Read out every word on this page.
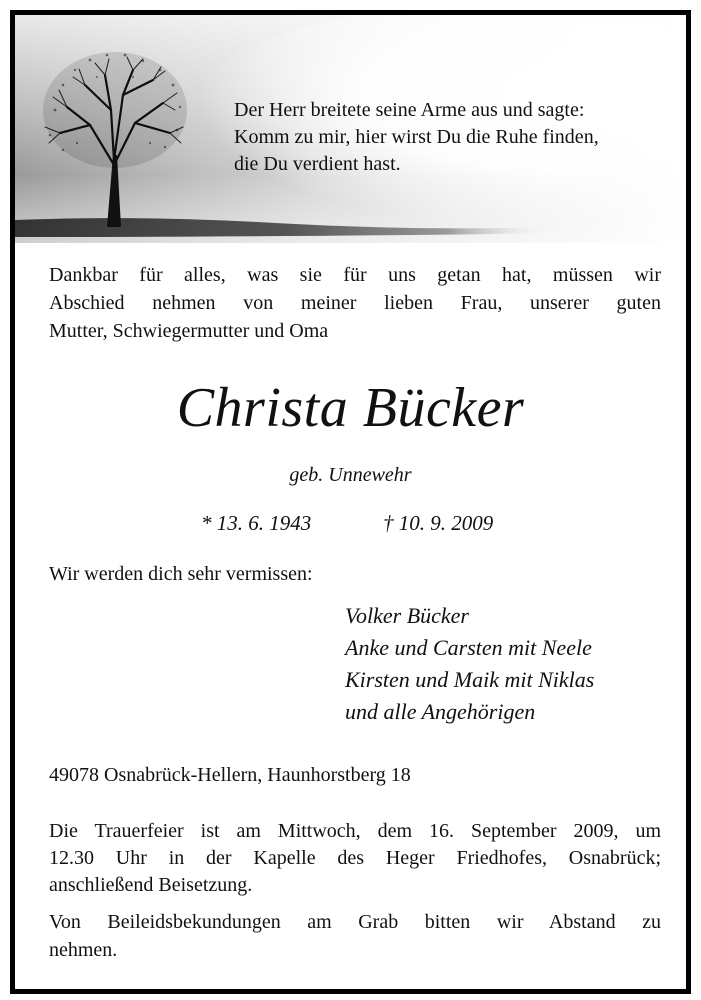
Der Herr breitete seine Arme aus und sagte:
Komm zu mir, hier wirst Du die Ruhe finden,
die Du verdient hast.
Dankbar für alles, was sie für uns getan hat, müssen wir
Abschied nehmen von meiner lieben Frau, unserer guten
Mutter, Schwiegermutter und Oma
Christa Bücker
geb. Unnewehr
* 13. 6. 1943	† 10. 9. 2009
Wir werden dich sehr vermissen:
Volker Bücker
Anke und Carsten mit Neele
Kirsten und Maik mit Niklas
und alle Angehörigen
49078 Osnabrück-Hellern, Haunhorstberg 18
Die Trauerfeier ist am Mittwoch, dem 16. September 2009, um
12.30 Uhr in der Kapelle des Heger Friedhofes, Osnabrück;
anschließend Beisetzung.
Von Beileidsbekundungen am Grab bitten wir Abstand zu
nehmen.
